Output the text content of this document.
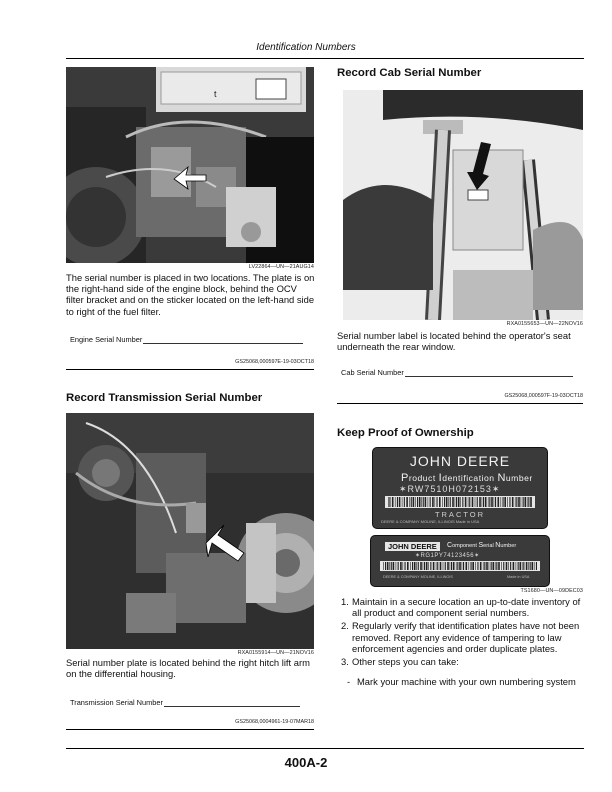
Identification Numbers
t
LV22864—UN—21AUG14
The serial number is placed in two locations. The plate is on the right-hand side of the engine block, behind the OCV filter bracket and on the sticker located on the left-hand side to right of the fuel filter.
Engine Serial Number
GS25068,000597E-19-03OCT18
Record Transmission Serial Number
RXA0155914—UN—21NOV16
Serial number plate is located behind the right hitch lift arm on the differential housing.
Transmission Serial Number
GS25068,0004961-19-07MAR18
Record Cab Serial Number
RXA0155653—UN—22NOV16
Serial number label is located behind the operator's seat underneath the rear window.
Cab Serial Number
GS25068,000597F-19-03OCT18
Keep Proof of Ownership
JOHN DEERE
Product Identification Number
✶RW7510H072153✶
TRACTOR
DEERE & COMPANY MOLINE, ILLINOIS Made in USA
JOHN DEERE	Component Serial Number
✶RG1PY74123456✶
DEERE & COMPANY MOLINE, ILLINOIS	Made in USA
TS1680—UN—09DEC03
1. Maintain in a secure location an up-to-date inventory of all product and component serial numbers.
2. Regularly verify that identification plates have not been removed. Report any evidence of tampering to law enforcement agencies and order duplicate plates.
3. Other steps you can take:
- Mark your machine with your own numbering system
400A-2
